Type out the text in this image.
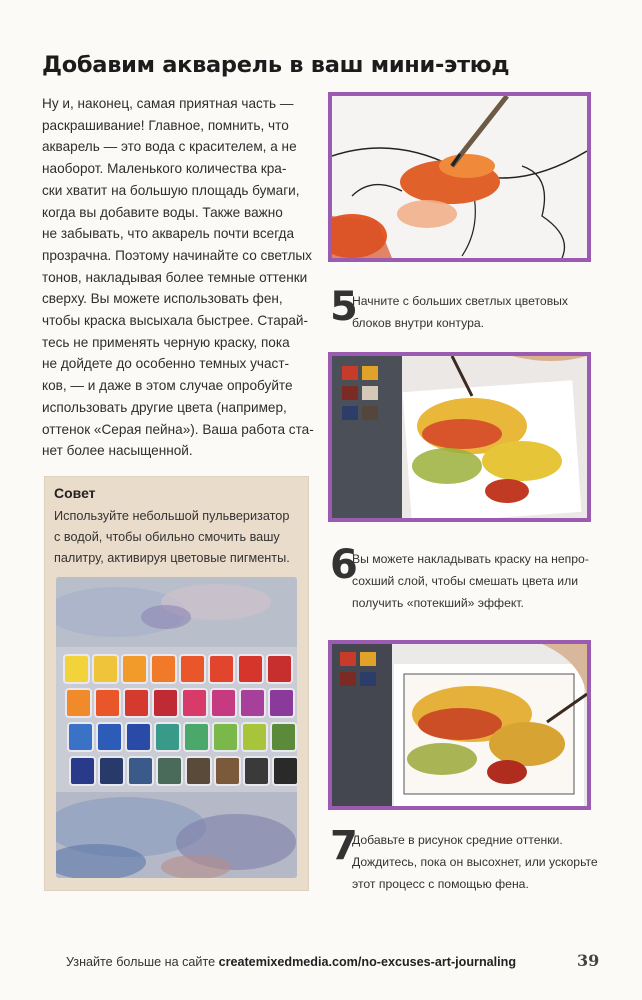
Добавим акварель в ваш мини-этюд
Ну и, наконец, самая приятная часть —
раскрашивание! Главное, помнить, что
акварель — это вода с красителем, а не
наоборот. Маленького количества кра-
ски хватит на большую площадь бумаги,
когда вы добавите воды. Также важно
не забывать, что акварель почти всегда
прозрачна. Поэтому начинайте со светлых
тонов, накладывая более темные оттенки
сверху. Вы можете использовать фен,
чтобы краска высыхала быстрее. Старай-
тесь не применять черную краску, пока
не дойдете до особенно темных участ-
ков, — и даже в этом случае опробуйте
использовать другие цвета (например,
оттенок «Серая пейна»). Ваша работа ста-
нет более насыщенной.
Совет
Используйте небольшой пульверизатор
с водой, чтобы обильно смочить вашу
палитру, активируя цветовые пигменты.
5
Начните с больших светлых цветовых
блоков внутри контура.
6
Вы можете накладывать краску на непро-
сохший слой, чтобы смешать цвета или
получить «потекший» эффект.
7
Добавьте в рисунок средние оттенки.
Дождитесь, пока он высохнет, или ускорьте
этот процесс с помощью фена.
Узнайте больше на сайте createmixedmedia.com/no-excuses-art-journaling	39
